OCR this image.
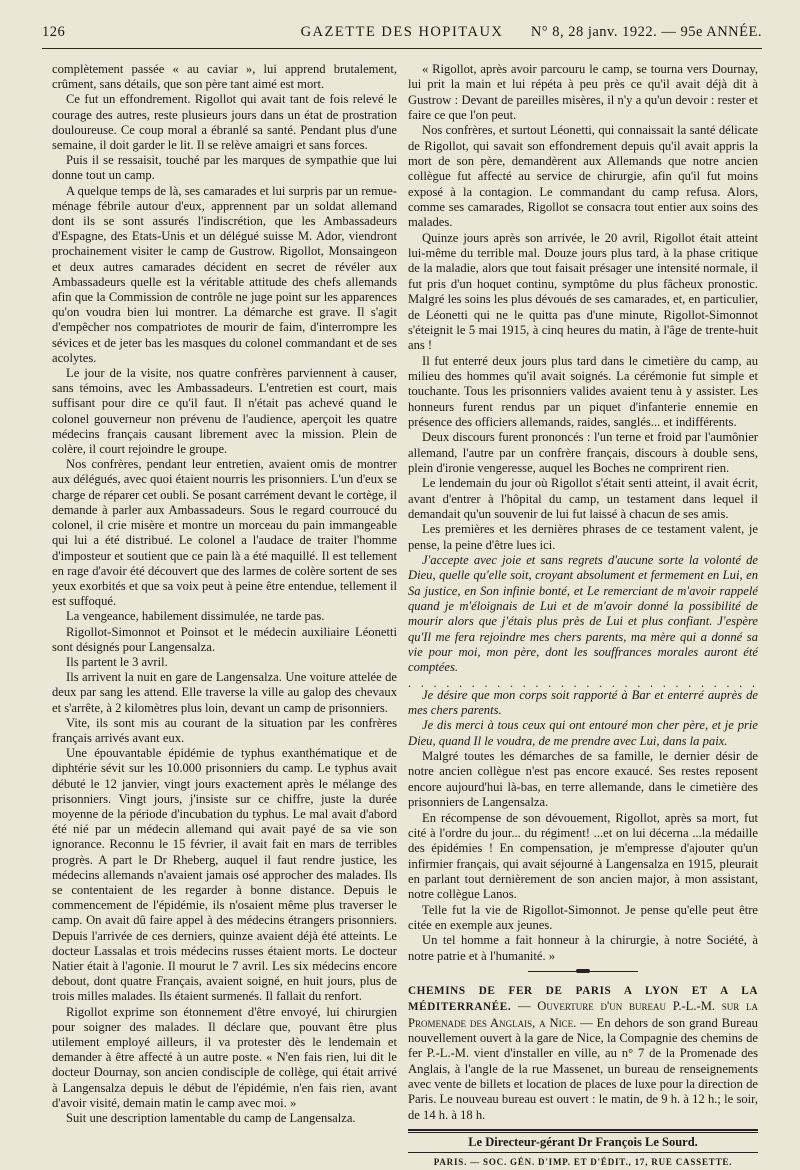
126	GAZETTE DES HOPITAUX	N° 8, 28 janv. 1922. — 95e ANNÉE.

complètement passée « au caviar », lui apprend brutalement, crûment, sans détails, que son père tant aimé est mort.

Ce fut un effondrement. Rigollot qui avait tant de fois relevé le courage des autres, reste plusieurs jours dans un état de prostration douloureuse. Ce coup moral a ébranlé sa santé. Pendant plus d'une semaine, il doit garder le lit. Il se relève amaigri et sans forces.

Puis il se ressaisit, touché par les marques de sympathie que lui donne tout un camp.

A quelque temps de là, ses camarades et lui surpris par un remue-ménage fébrile autour d'eux, apprennent par un soldat allemand dont ils se sont assurés l'indiscrétion, que les Ambassadeurs d'Espagne, des Etats-Unis et un délégué suisse M. Ador, viendront prochainement visiter le camp de Gustrow. Rigollot, Monsaingeon et deux autres camarades décident en secret de révéler aux Ambassadeurs quelle est la véritable attitude des chefs allemands afin que la Commission de contrôle ne juge point sur les apparences qu'on voudra bien lui montrer. La démarche est grave. Il s'agit d'empêcher nos compatriotes de mourir de faim, d'interrompre les sévices et de jeter bas les masques du colonel commandant et de ses acolytes.

Le jour de la visite, nos quatre confrères parviennent à causer, sans témoins, avec les Ambassadeurs. L'entretien est court, mais suffisant pour dire ce qu'il faut. Il n'était pas achevé quand le colonel gouverneur non prévenu de l'audience, aperçoit les quatre médecins français causant librement avec la mission. Plein de colère, il court rejoindre le groupe.

Nos confrères, pendant leur entretien, avaient omis de montrer aux délégués, avec quoi étaient nourris les prisonniers. L'un d'eux se charge de réparer cet oubli. Se posant carrément devant le cortège, il demande à parler aux Ambassadeurs. Sous le regard courroucé du colonel, il crie misère et montre un morceau du pain immangeable qui lui a été distribué. Le colonel a l'audace de traiter l'homme d'imposteur et soutient que ce pain là a été maquillé. Il est tellement en rage d'avoir été découvert que des larmes de colère sortent de ses yeux exorbités et que sa voix peut à peine être entendue, tellement il est suffoqué.

La vengeance, habilement dissimulée, ne tarde pas.

Rigollot-Simonnot et Poinsot et le médecin auxiliaire Léonetti sont désignés pour Langensalza.

Ils partent le 3 avril.

Ils arrivent la nuit en gare de Langensalza. Une voiture attelée de deux par sang les attend. Elle traverse la ville au galop des chevaux et s'arrête, à 2 kilomètres plus loin, devant un camp de prisonniers.

Vite, ils sont mis au courant de la situation par les confrères français arrivés avant eux.

Une épouvantable épidémie de typhus exanthématique et de diphtérie sévit sur les 10.000 prisonniers du camp. Le typhus avait débuté le 12 janvier, vingt jours exactement après le mélange des prisonniers. Vingt jours, j'insiste sur ce chiffre, juste la durée moyenne de la période d'incubation du typhus. Le mal avait d'abord été nié par un médecin allemand qui avait payé de sa vie son ignorance. Reconnu le 15 février, il avait fait en mars de terribles progrès. A part le Dr Rheberg, auquel il faut rendre justice, les médecins allemands n'avaient jamais osé approcher des malades. Ils se contentaient de les regarder à bonne distance. Depuis le commencement de l'épidémie, ils n'osaient même plus traverser le camp. On avait dû faire appel à des médecins étrangers prisonniers. Depuis l'arrivée de ces derniers, quinze avaient déjà été atteints. Le docteur Lassalas et trois médecins russes étaient morts. Le docteur Natier était à l'agonie. Il mourut le 7 avril. Les six médecins encore debout, dont quatre Français, avaient soigné, en huit jours, plus de trois milles malades. Ils étaient surmenés. Il fallait du renfort.

Rigollot exprime son étonnement d'être envoyé, lui chirurgien pour soigner des malades. Il déclare que, pouvant être plus utilement employé ailleurs, il va protester dès le lendemain et demander à être affecté à un autre poste. « N'en fais rien, lui dit le docteur Dournay, son ancien condisciple de collège, qui était arrivé à Langensalza depuis le début de l'épidémie, n'en fais rien, avant d'avoir visité, demain matin le camp avec moi. »

Suit une description lamentable du camp de Langensalza.

« Rigollot, après avoir parcouru le camp, se tourna vers Dournay, lui prit la main et lui répéta à peu près ce qu'il avait déjà dit à Gustrow : Devant de pareilles misères, il n'y a qu'un devoir : rester et faire ce que l'on peut.

Nos confrères, et surtout Léonetti, qui connaissait la santé délicate de Rigollot, qui savait son effondrement depuis qu'il avait appris la mort de son père, demandèrent aux Allemands que notre ancien collègue fut affecté au service de chirurgie, afin qu'il fut moins exposé à la contagion. Le commandant du camp refusa. Alors, comme ses camarades, Rigollot se consacra tout entier aux soins des malades.

Quinze jours après son arrivée, le 20 avril, Rigollot était atteint lui-même du terrible mal. Douze jours plus tard, à la phase critique de la maladie, alors que tout faisait présager une intensité normale, il fut pris d'un hoquet continu, symptôme du plus fâcheux pronostic. Malgré les soins les plus dévoués de ses camarades, et, en particulier, de Léonetti qui ne le quitta pas d'une minute, Rigollot-Simonnot s'éteignit le 5 mai 1915, à cinq heures du matin, à l'âge de trente-huit ans !

Il fut enterré deux jours plus tard dans le cimetière du camp, au milieu des hommes qu'il avait soignés. La cérémonie fut simple et touchante. Tous les prisonniers valides avaient tenu à y assister. Les honneurs furent rendus par un piquet d'infanterie ennemie en présence des officiers allemands, raides, sanglés... et indifférents.

Deux discours furent prononcés : l'un terne et froid par l'aumônier allemand, l'autre par un confrère français, discours à double sens, plein d'ironie vengeresse, auquel les Boches ne comprirent rien.

Le lendemain du jour où Rigollot s'était senti atteint, il avait écrit, avant d'entrer à l'hôpital du camp, un testament dans lequel il demandait qu'un souvenir de lui fut laissé à chacun de ses amis.

Les premières et les dernières phrases de ce testament valent, je pense, la peine d'être lues ici.

J'accepte avec joie et sans regrets d'aucune sorte la volonté de Dieu, quelle qu'elle soit, croyant absolument et fermement en Lui, en Sa justice, en Son infinie bonté, et Le remerciant de m'avoir rappelé quand je m'éloignais de Lui et de m'avoir donné la possibilité de mourir alors que j'étais plus près de Lui et plus confiant. J'espère qu'Il me fera rejoindre mes chers parents, ma mère qui a donné sa vie pour moi, mon père, dont les souffrances morales auront été comptées.

. . . . . . . . . . . . . . . . . . . . . . . . . . . .

Je désire que mon corps soit rapporté à Bar et enterré auprès de mes chers parents.

Je dis merci à tous ceux qui ont entouré mon cher père, et je prie Dieu, quand Il le voudra, de me prendre avec Lui, dans la paix.

Malgré toutes les démarches de sa famille, le dernier désir de notre ancien collègue n'est pas encore exaucé. Ses restes reposent encore aujourd'hui là-bas, en terre allemande, dans le cimetière des prisonniers de Langensalza.

En récompense de son dévouement, Rigollot, après sa mort, fut cité à l'ordre du jour... du régiment! ...et on lui décerna ...la médaille des épidémies ! En compensation, je m'empresse d'ajouter qu'un infirmier français, qui avait séjourné à Langensalza en 1915, pleurait en parlant tout dernièrement de son ancien major, à mon assistant, notre collègue Lanos.

Telle fut la vie de Rigollot-Simonnot. Je pense qu'elle peut être citée en exemple aux jeunes.

Un tel homme a fait honneur à la chirurgie, à notre Société, à notre patrie et à l'humanité. »

CHEMINS DE FER DE PARIS A LYON ET A LA MÉDITERRANÉE. — Ouverture d'un bureau P.-L.-M. sur la Promenade des Anglais, a Nice. — En dehors de son grand Bureau nouvellement ouvert à la gare de Nice, la Compagnie des chemins de fer P.-L.-M. vient d'installer en ville, au n° 7 de la Promenade des Anglais, à l'angle de la rue Massenet, un bureau de renseignements avec vente de billets et location de places de luxe pour la direction de Paris. Le nouveau bureau est ouvert : le matin, de 9 h. à 12 h.; le soir, de 14 h. à 18 h.

Le Directeur-gérant Dr François Le Sourd.
PARIS. — SOC. GÉN. D'IMP. ET D'ÉDIT., 17, RUE CASSETTE.
